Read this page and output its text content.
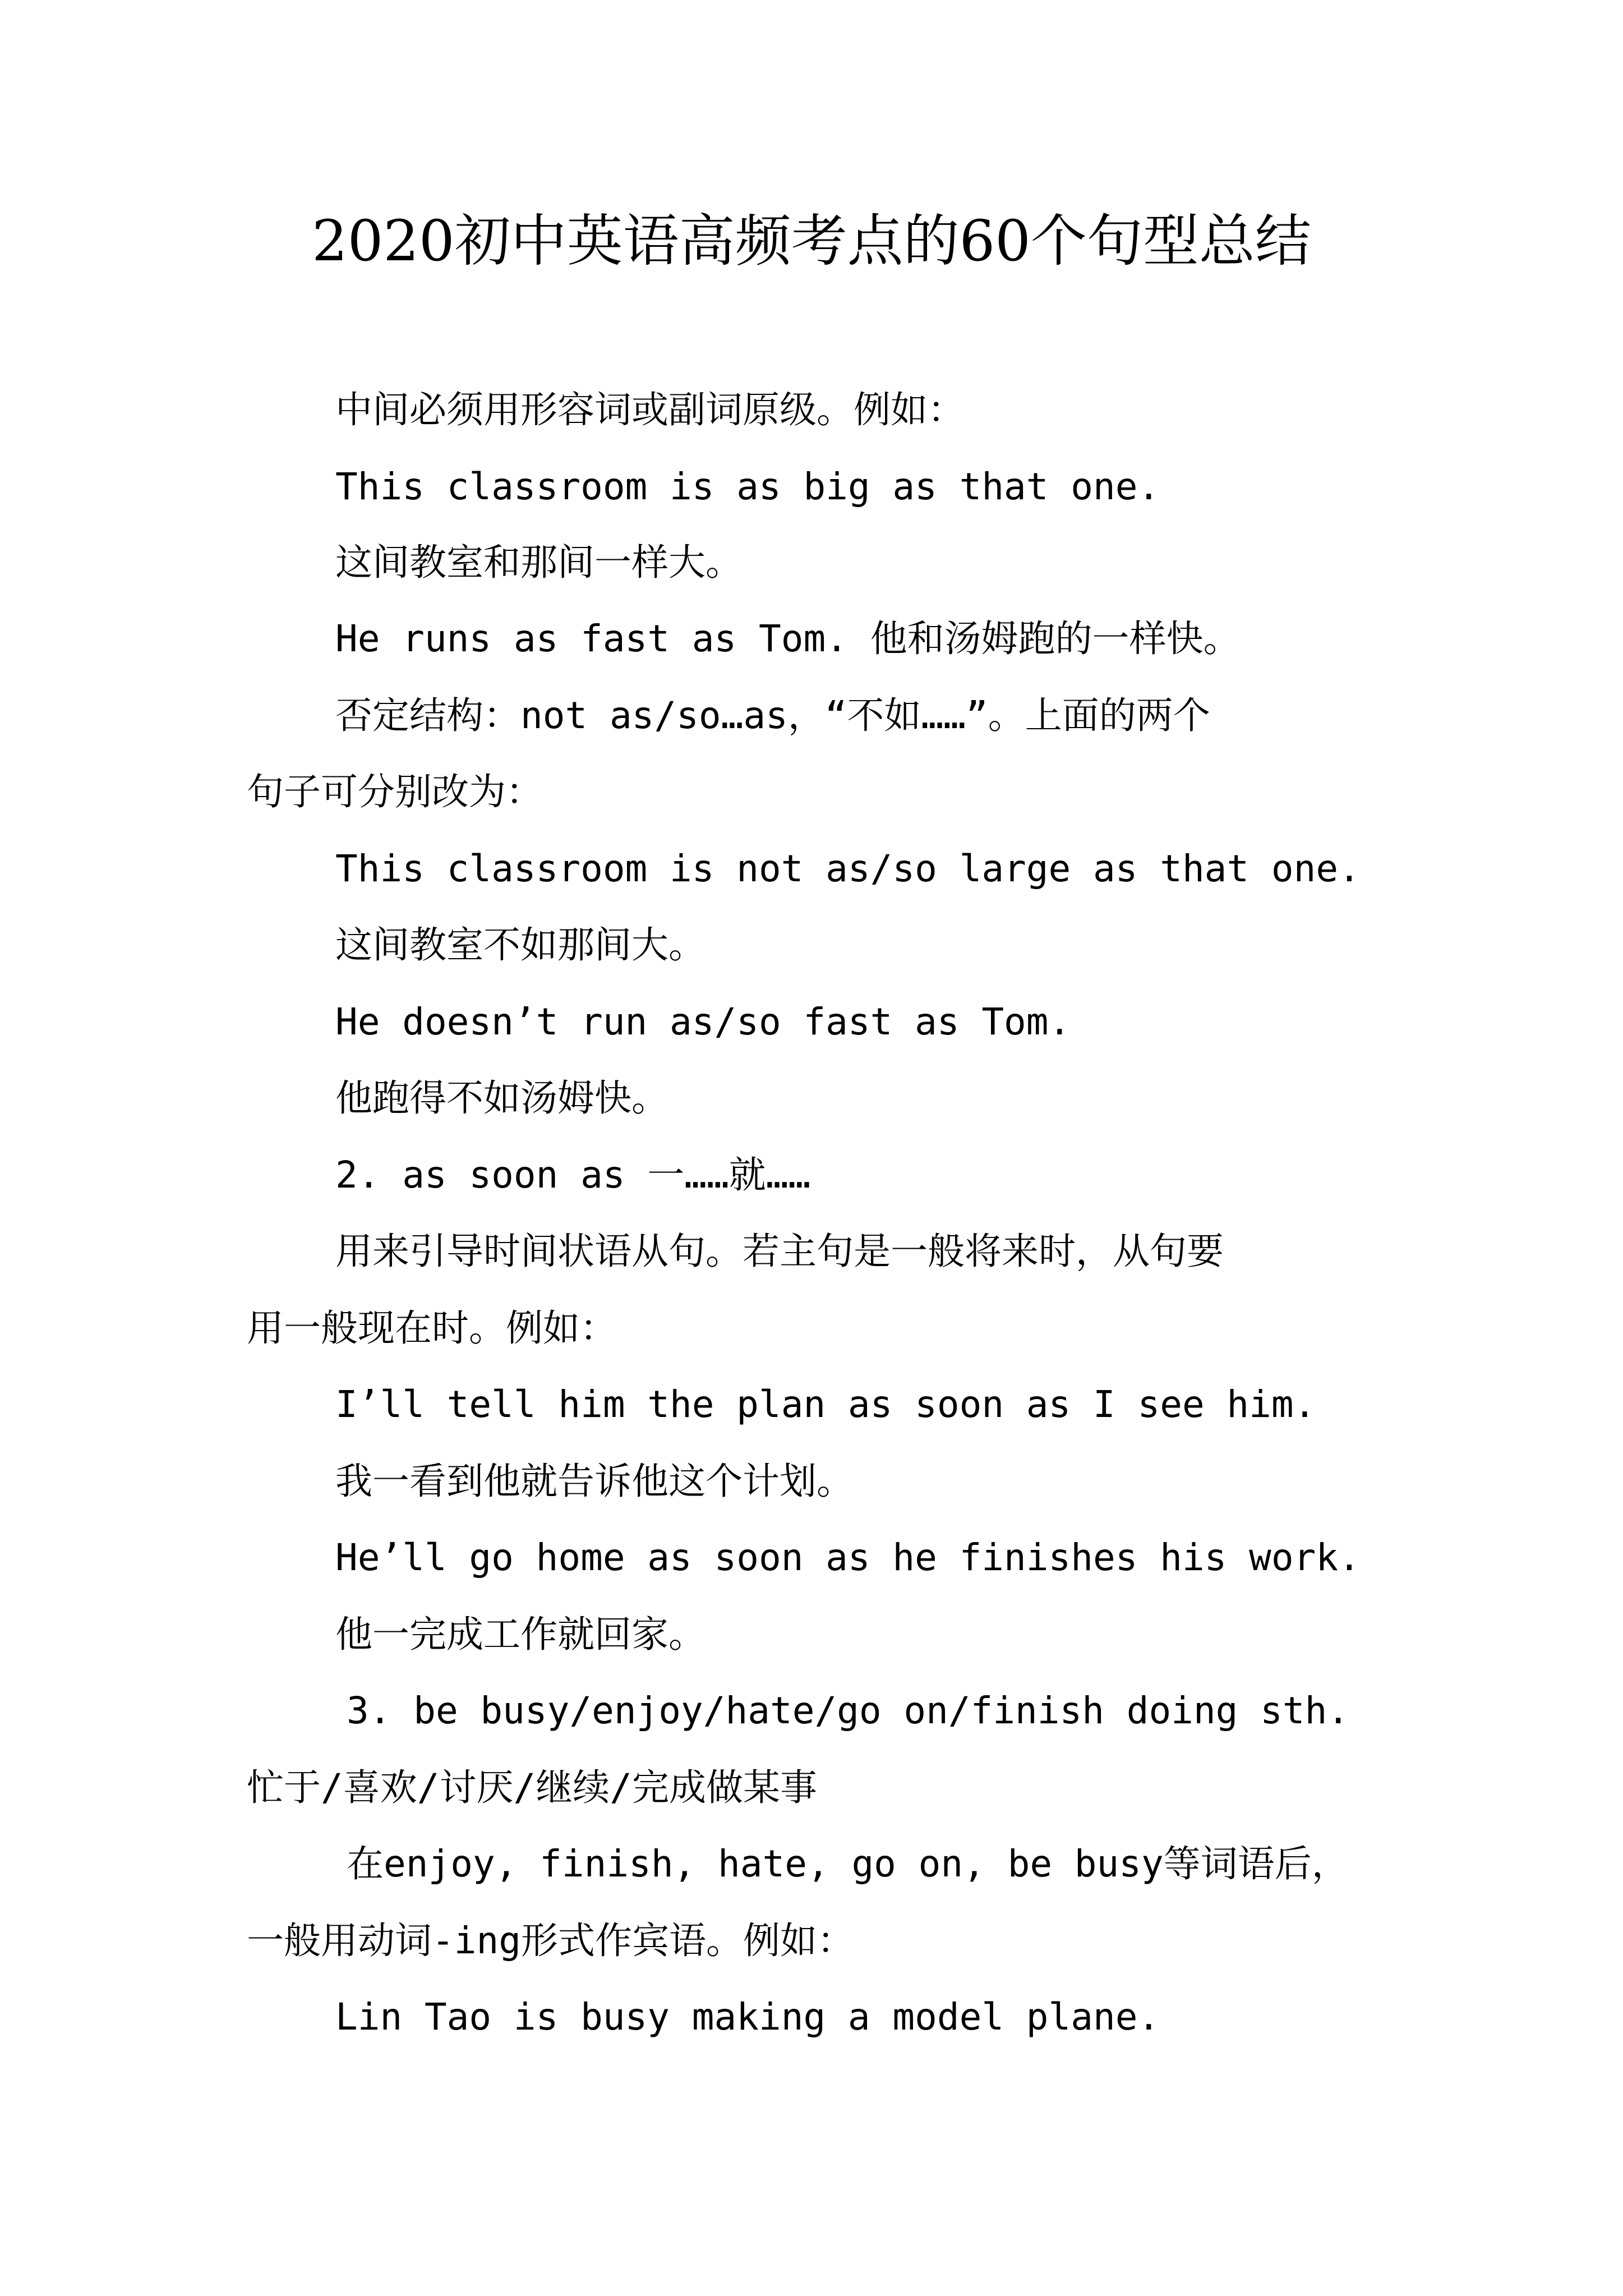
2020初中英语高频考点的60个句型总结
中间必须用形容词或副词原级。例如：
This classroom is as big as that one.
这间教室和那间一样大。
He runs as fast as Tom. 他和汤姆跑的一样快。
否定结构：not as/so…as，“不如……”。上面的两个
句子可分别改为：
This classroom is not as/so large as that one.
这间教室不如那间大。
He doesn’t run as/so fast as Tom.
他跑得不如汤姆快。
2. as soon as 一……就……
用来引导时间状语从句。若主句是一般将来时，从句要
用一般现在时。例如：
I’ll tell him the plan as soon as I see him.
我一看到他就告诉他这个计划。
He’ll go home as soon as he finishes his work.
他一完成工作就回家。
3. be busy/enjoy/hate/go on/finish doing sth.
忙于/喜欢/讨厌/继续/完成做某事
在enjoy, finish, hate, go on, be busy等词语后，
一般用动词-ing形式作宾语。例如：
Lin Tao is busy making a model plane.
